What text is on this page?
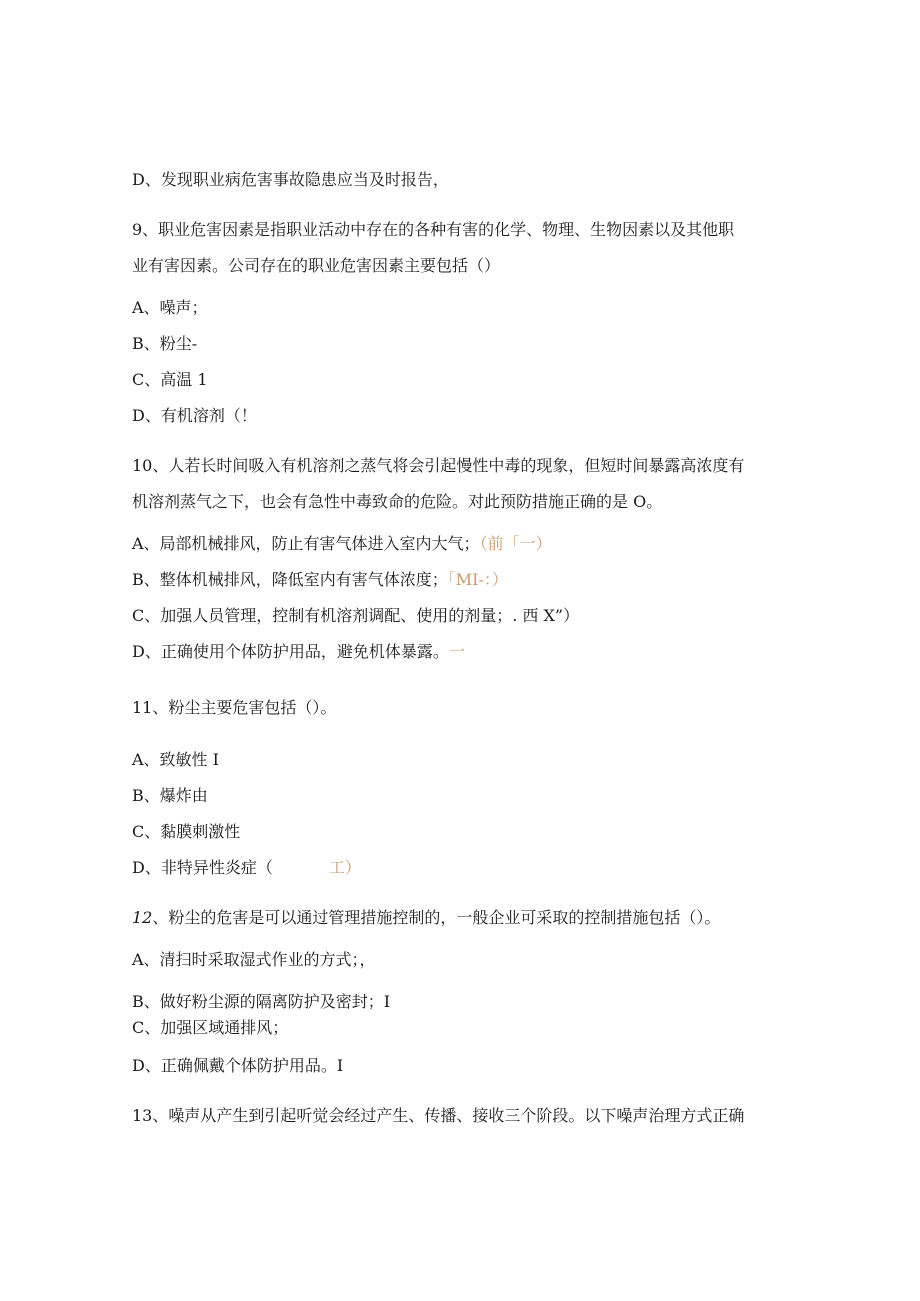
D、发现职业病危害事故隐患应当及时报告，
9、职业危害因素是指职业活动中存在的各种有害的化学、物理、生物因素以及其他职
业有害因素。公司存在的职业危害因素主要包括（）
A、噪声；
B、粉尘-
C、高温 1
D、有机溶剂（！
10、人若长时间吸入有机溶剂之蒸气将会引起慢性中毒的现象，但短时间暴露高浓度有
机溶剂蒸气之下，也会有急性中毒致命的危险。对此预防措施正确的是 O。
A、局部机械排风，防止有害气体进入室内大气；（前「一）
B、整体机械排风，降低室内有害气体浓度；「MI-：）
C、加强人员管理，控制有机溶剂调配、使用的剂量；. 西 X”）
D、正确使用个体防护用品，避免机体暴露。一
11、粉尘主要危害包括（）。
A、致敏性 I
B、爆炸由
C、黏膜刺激性
D、非特异性炎症（	工）
12、粉尘的危害是可以通过管理措施控制的，一般企业可采取的控制措施包括（）。
A、清扫时采取湿式作业的方式；，
B、做好粉尘源的隔离防护及密封；I
C、加强区域通排风；
D、正确佩戴个体防护用品。I
13、噪声从产生到引起听觉会经过产生、传播、接收三个阶段。以下噪声治理方式正确
